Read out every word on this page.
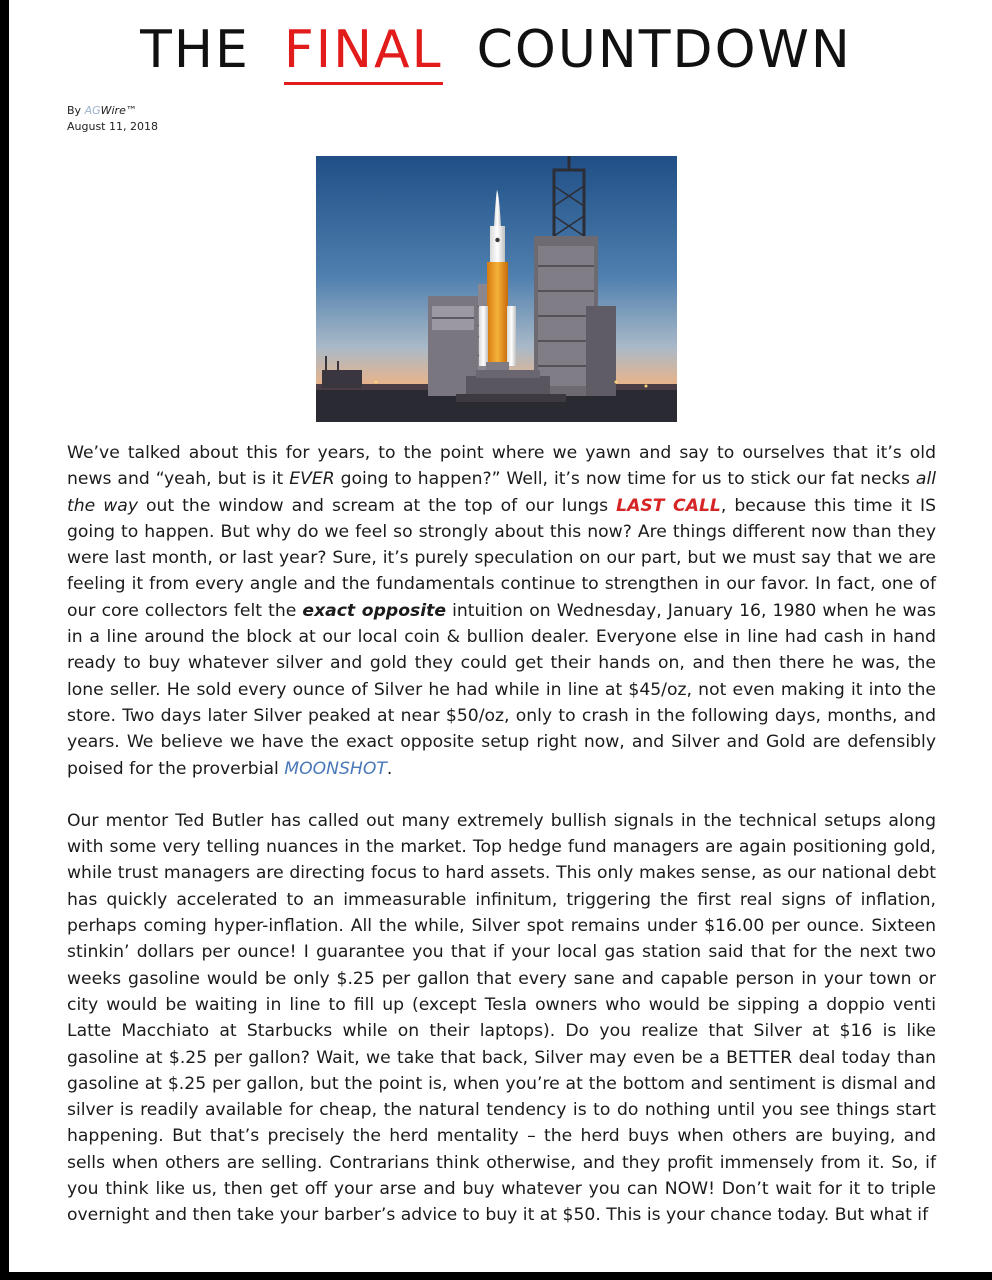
THE FINAL COUNTDOWN
By AGWire™
August 11, 2018

We’ve talked about this for years, to the point where we yawn and say to ourselves that it’s old news and “yeah, but is it EVER going to happen?” Well, it’s now time for us to stick our fat necks all the way out the window and scream at the top of our lungs LAST CALL, because this time it IS going to happen. But why do we feel so strongly about this now? Are things different now than they were last month, or last year? Sure, it’s purely speculation on our part, but we must say that we are feeling it from every angle and the fundamentals continue to strengthen in our favor. In fact, one of our core collectors felt the exact opposite intuition on Wednesday, January 16, 1980 when he was in a line around the block at our local coin & bullion dealer. Everyone else in line had cash in hand ready to buy whatever silver and gold they could get their hands on, and then there he was, the lone seller. He sold every ounce of Silver he had while in line at $45/oz, not even making it into the store. Two days later Silver peaked at near $50/oz, only to crash in the following days, months, and years. We believe we have the exact opposite setup right now, and Silver and Gold are defensibly poised for the proverbial MOONSHOT.

Our mentor Ted Butler has called out many extremely bullish signals in the technical setups along with some very telling nuances in the market. Top hedge fund managers are again positioning gold, while trust managers are directing focus to hard assets. This only makes sense, as our national debt has quickly accelerated to an immeasurable infinitum, triggering the first real signs of inflation, perhaps coming hyper-inflation. All the while, Silver spot remains under $16.00 per ounce. Sixteen stinkin’ dollars per ounce! I guarantee you that if your local gas station said that for the next two weeks gasoline would be only $.25 per gallon that every sane and capable person in your town or city would be waiting in line to fill up (except Tesla owners who would be sipping a doppio venti Latte Macchiato at Starbucks while on their laptops). Do you realize that Silver at $16 is like gasoline at $.25 per gallon? Wait, we take that back, Silver may even be a BETTER deal today than gasoline at $.25 per gallon, but the point is, when you’re at the bottom and sentiment is dismal and silver is readily available for cheap, the natural tendency is to do nothing until you see things start happening. But that’s precisely the herd mentality – the herd buys when others are buying, and sells when others are selling. Contrarians think otherwise, and they profit immensely from it. So, if you think like us, then get off your arse and buy whatever you can NOW! Don’t wait for it to triple overnight and then take your barber’s advice to buy it at $50. This is your chance today. But what if
